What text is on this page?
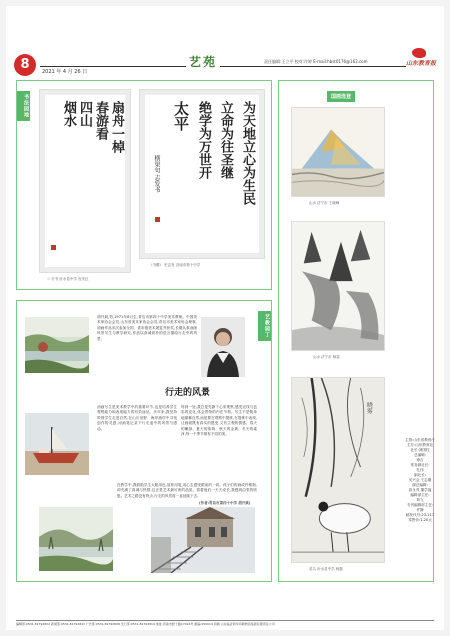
8	2021 年 4 月 26 日
艺苑	责任编辑:王立平 校对:许婷 E-mail:hbst0176@163.com	山东教育报
书法园地	扇舟一棹
春游看
四山
烟水
☆ 行书 沂水县中学 宫庆红
为天地立心为生民
立命为往圣继
绝学为万世开
太平
横渠句 志发书
《书赠》 史志发 济南市第十中学
国画选登
山水 济宁市 王晓峰
山水 济宁市 杨雷
晓雾
花鸟 沂水县中学 杨磊
艺教园丁
胡开斌,男,1971年8月生,青岛市第四十中学美术教师。中国美术家协会会员,山东省美术家协会会员,青岛市美术家协会理事,油画作品多次参加全国、省市级美术展览并获奖,长期从事油画风景写生与教学研究,作品以真诚质朴的语言描绘行走中的风景。
行走的风景
油画写生是美术教学中的重要环节,也是培养学生观察能力和表现能力的有效途径。多年来,我坚持带领学生走进自然,在山川田野、海岸渔村中寻找创作的灵感,用画笔记录下行走途中的风景与感动。
每到一处,我总是先静下心来观察,感受光线与色彩的变化,体会景物的内在节奏。写生不是简单地描摹自然,而是要在观察中提炼,在提炼中表现,让画面既有真实的感受,又有主观的情感。春天的嫩绿、夏天的浓荫、秋天的金黄、冬天的素净,每一个季节都有不同的美。
在教学中,我鼓励学生大胆用色,放松用笔,用心去感受眼前的一切。孩子们的画或许稚拙,却充满了真诚与热情,这正是艺术最可贵的品质。看着他们一天天成长,我感到由衷的欣慰。艺术之路没有终点,行走的风景将一直延续下去。
(作者:青岛市第四十中学 胡开斌)
主管:山东省教育厅
主办:山东教育社
社长:刘国柱
总编辑:
徐吉
常务副社长:
孔伟
副社长:
吴兴会 王志刚
副总编辑:
高永茂 董学福
编辑部主任:
刘飞
专刊编辑部主任:
许静
邮发代号:23-117
零售价:1.20元
编辑部:0531-81792822 新闻部:0531-81792813 广告部:0531-81792808 发行部:0531-81792819 地址:济南市经十路17016号 邮编:250014 印刷:山东临沂新华印刷物流集团有限责任公司
